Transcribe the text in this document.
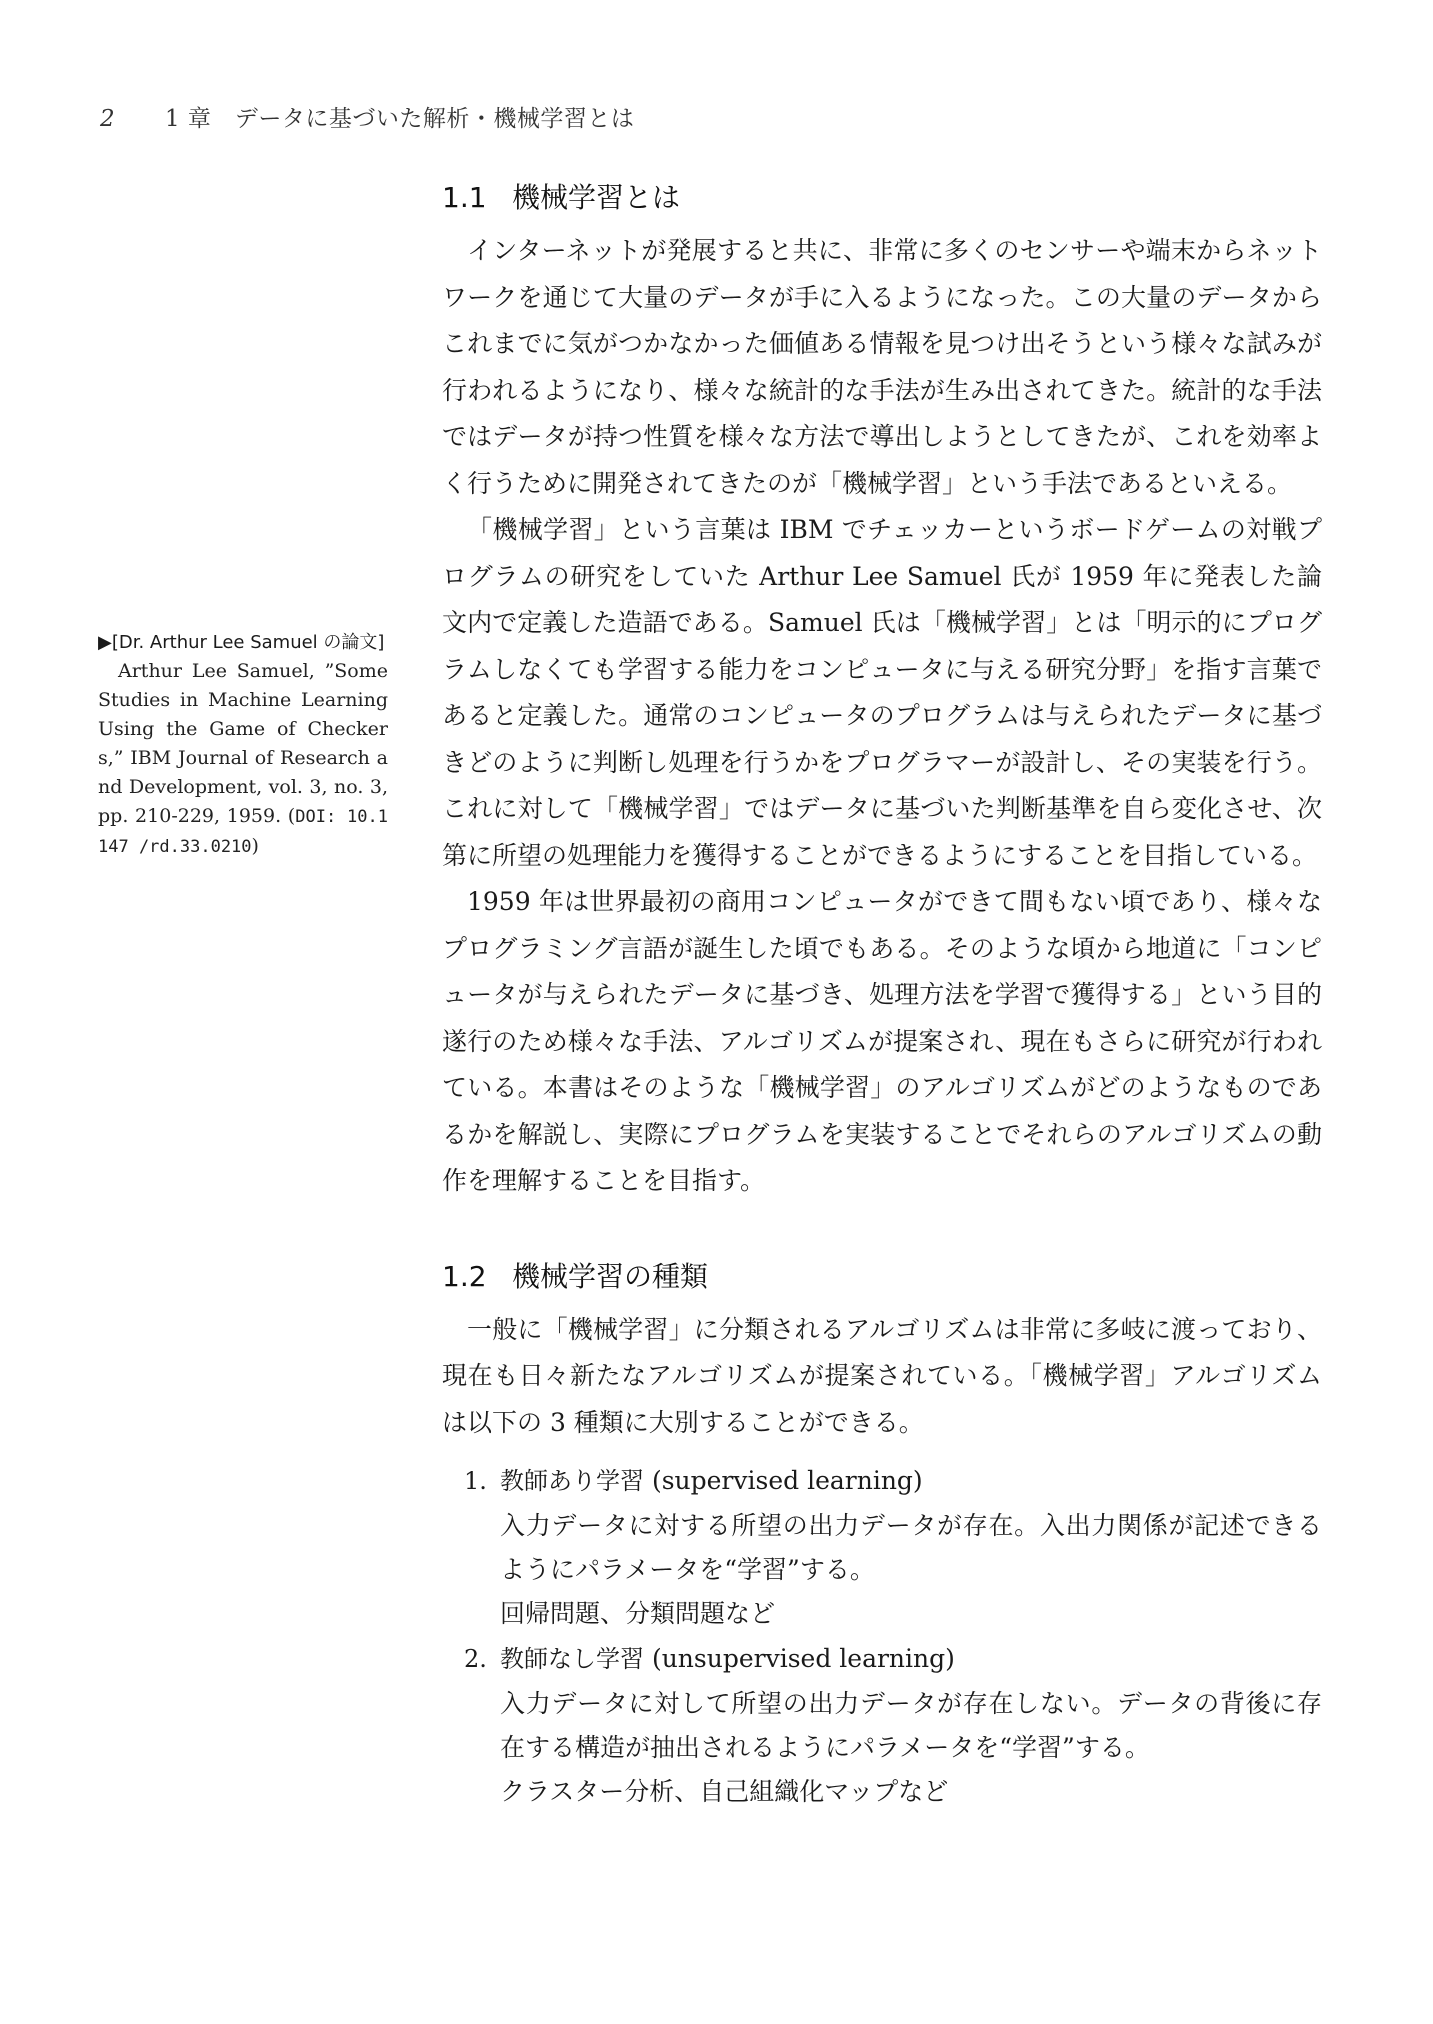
2 1 章　データに基づいた解析・機械学習とは
▶[Dr. Arthur Lee Samuel の論文]
Arthur Lee Samuel, ”Some Studies in Machine Learning Using the Game of Checkers,” IBM Journal of Research and Development, vol. 3, no. 3, pp. 210-229, 1959. (DOI: 10.1147 /rd.33.0210)
1.1 機械学習とは

インターネットが発展すると共に、非常に多くのセンサーや端末からネットワークを通じて大量のデータが手に入るようになった。この大量のデータからこれまでに気がつかなかった価値ある情報を見つけ出そうという様々な試みが行われるようになり、様々な統計的な手法が生み出されてきた。統計的な手法ではデータが持つ性質を様々な方法で導出しようとしてきたが、これを効率よく行うために開発されてきたのが「機械学習」という手法であるといえる。

「機械学習」という言葉は IBM でチェッカーというボードゲームの対戦プログラムの研究をしていた Arthur Lee Samuel 氏が 1959 年に発表した論文内で定義した造語である。Samuel 氏は「機械学習」とは「明示的にプログラムしなくても学習する能力をコンピュータに与える研究分野」を指す言葉であると定義した。通常のコンピュータのプログラムは与えられたデータに基づきどのように判断し処理を行うかをプログラマーが設計し、その実装を行う。これに対して「機械学習」ではデータに基づいた判断基準を自ら変化させ、次第に所望の処理能力を獲得することができるようにすることを目指している。

1959 年は世界最初の商用コンピュータができて間もない頃であり、様々なプログラミング言語が誕生した頃でもある。そのような頃から地道に「コンピュータが与えられたデータに基づき、処理方法を学習で獲得する」という目的遂行のため様々な手法、アルゴリズムが提案され、現在もさらに研究が行われている。本書はそのような「機械学習」のアルゴリズムがどのようなものであるかを解説し、実際にプログラムを実装することでそれらのアルゴリズムの動作を理解することを目指す。

1.2 機械学習の種類

一般に「機械学習」に分類されるアルゴリズムは非常に多岐に渡っており、現在も日々新たなアルゴリズムが提案されている。「機械学習」アルゴリズムは以下の 3 種類に大別することができる。

1. 教師あり学習 (supervised learning)
入力データに対する所望の出力データが存在。入出力関係が記述できるようにパラメータを“学習”する。
回帰問題、分類問題など
2. 教師なし学習 (unsupervised learning)
入力データに対して所望の出力データが存在しない。データの背後に存在する構造が抽出されるようにパラメータを“学習”する。
クラスター分析、自己組織化マップなど
